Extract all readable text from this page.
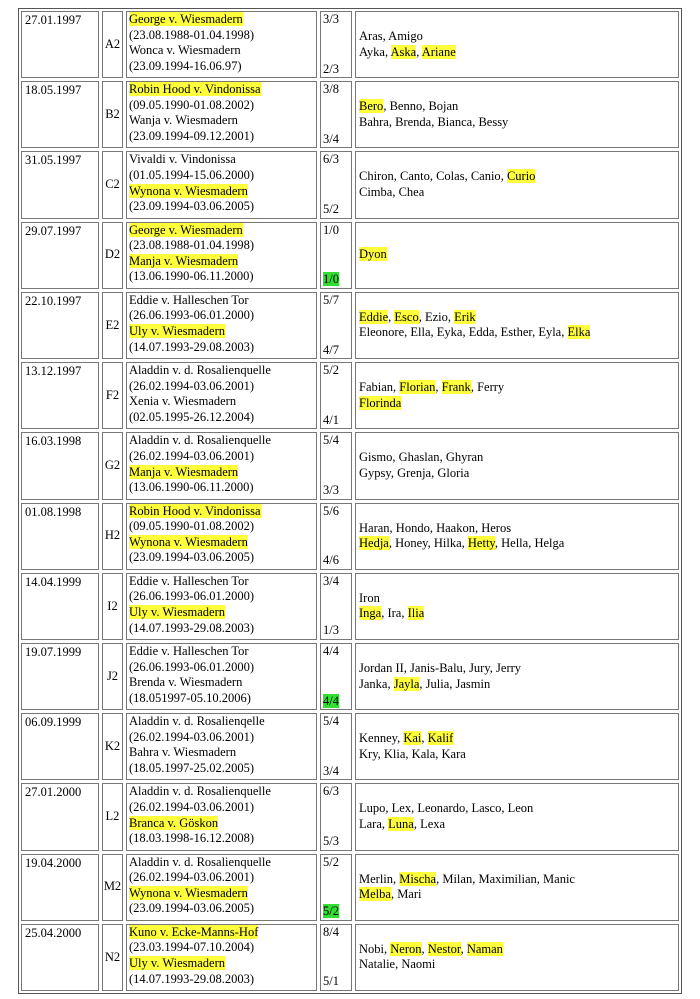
27.01.1997
A2
George v. Wiesmadern
(23.08.1988-01.04.1998)
Wonca v. Wiesmadern
(23.09.1994-16.06.97)
3/3
2/3
Aras, Amigo
Ayka, Aska, Ariane
18.05.1997
B2
Robin Hood v. Vindonissa
(09.05.1990-01.08.2002)
Wanja v. Wiesmadern
(23.09.1994-09.12.2001)
3/8
3/4
Bero, Benno, Bojan
Bahra, Brenda, Bianca, Bessy
31.05.1997
C2
Vivaldi v. Vindonissa
(01.05.1994-15.06.2000)
Wynona v. Wiesmadern
(23.09.1994-03.06.2005)
6/3
5/2
Chiron, Canto, Colas, Canio, Curio
Cimba, Chea
29.07.1997
D2
George v. Wiesmadern
(23.08.1988-01.04.1998)
Manja v. Wiesmadern
(13.06.1990-06.11.2000)
1/0
1/0
Dyon
22.10.1997
E2
Eddie v. Halleschen Tor
(26.06.1993-06.01.2000)
Uly v. Wiesmadern
(14.07.1993-29.08.2003)
5/7
4/7
Eddie, Esco, Ezio, Erik
Eleonore, Ella, Eyka, Edda, Esther, Eyla, Elka
13.12.1997
F2
Aladdin v. d. Rosalienquelle
(26.02.1994-03.06.2001)
Xenia v. Wiesmadern
(02.05.1995-26.12.2004)
5/2
4/1
Fabian, Florian, Frank, Ferry
Florinda
16.03.1998
G2
Aladdin v. d. Rosalienquelle
(26.02.1994-03.06.2001)
Manja v. Wiesmadern
(13.06.1990-06.11.2000)
5/4
3/3
Gismo, Ghaslan, Ghyran
Gypsy, Grenja, Gloria
01.08.1998
H2
Robin Hood v. Vindonissa
(09.05.1990-01.08.2002)
Wynona v. Wiesmadern
(23.09.1994-03.06.2005)
5/6
4/6
Haran, Hondo, Haakon, Heros
Hedja, Honey, Hilka, Hetty, Hella, Helga
14.04.1999
I2
Eddie v. Halleschen Tor
(26.06.1993-06.01.2000)
Uly v. Wiesmadern
(14.07.1993-29.08.2003)
3/4
1/3
Iron
Inga, Ira, Ilia
19.07.1999
J2
Eddie v. Halleschen Tor
(26.06.1993-06.01.2000)
Brenda v. Wiesmadern
(18.051997-05.10.2006)
4/4
4/4
Jordan II, Janis-Balu, Jury, Jerry
Janka, Jayla, Julia, Jasmin
06.09.1999
K2
Aladdin v. d. Rosalienqelle
(26.02.1994-03.06.2001)
Bahra v. Wiesmadern
(18.05.1997-25.02.2005)
5/4
3/4
Kenney, Kai, Kalif
Kry, Klia, Kala, Kara
27.01.2000
L2
Aladdin v. d. Rosalienquelle
(26.02.1994-03.06.2001)
Branca v. Göskon
(18.03.1998-16.12.2008)
6/3
5/3
Lupo, Lex, Leonardo, Lasco, Leon
Lara, Luna, Lexa
19.04.2000
M2
Aladdin v. d. Rosalienquelle
(26.02.1994-03.06.2001)
Wynona v. Wiesmadern
(23.09.1994-03.06.2005)
5/2
5/2
Merlin, Mischa, Milan, Maximilian, Manic
Melba, Mari
25.04.2000
N2
Kuno v. Ecke-Manns-Hof
(23.03.1994-07.10.2004)
Uly v. Wiesmadern
(14.07.1993-29.08.2003)
8/4
5/1
Nobi, Neron, Nestor, Naman
Natalie, Naomi
